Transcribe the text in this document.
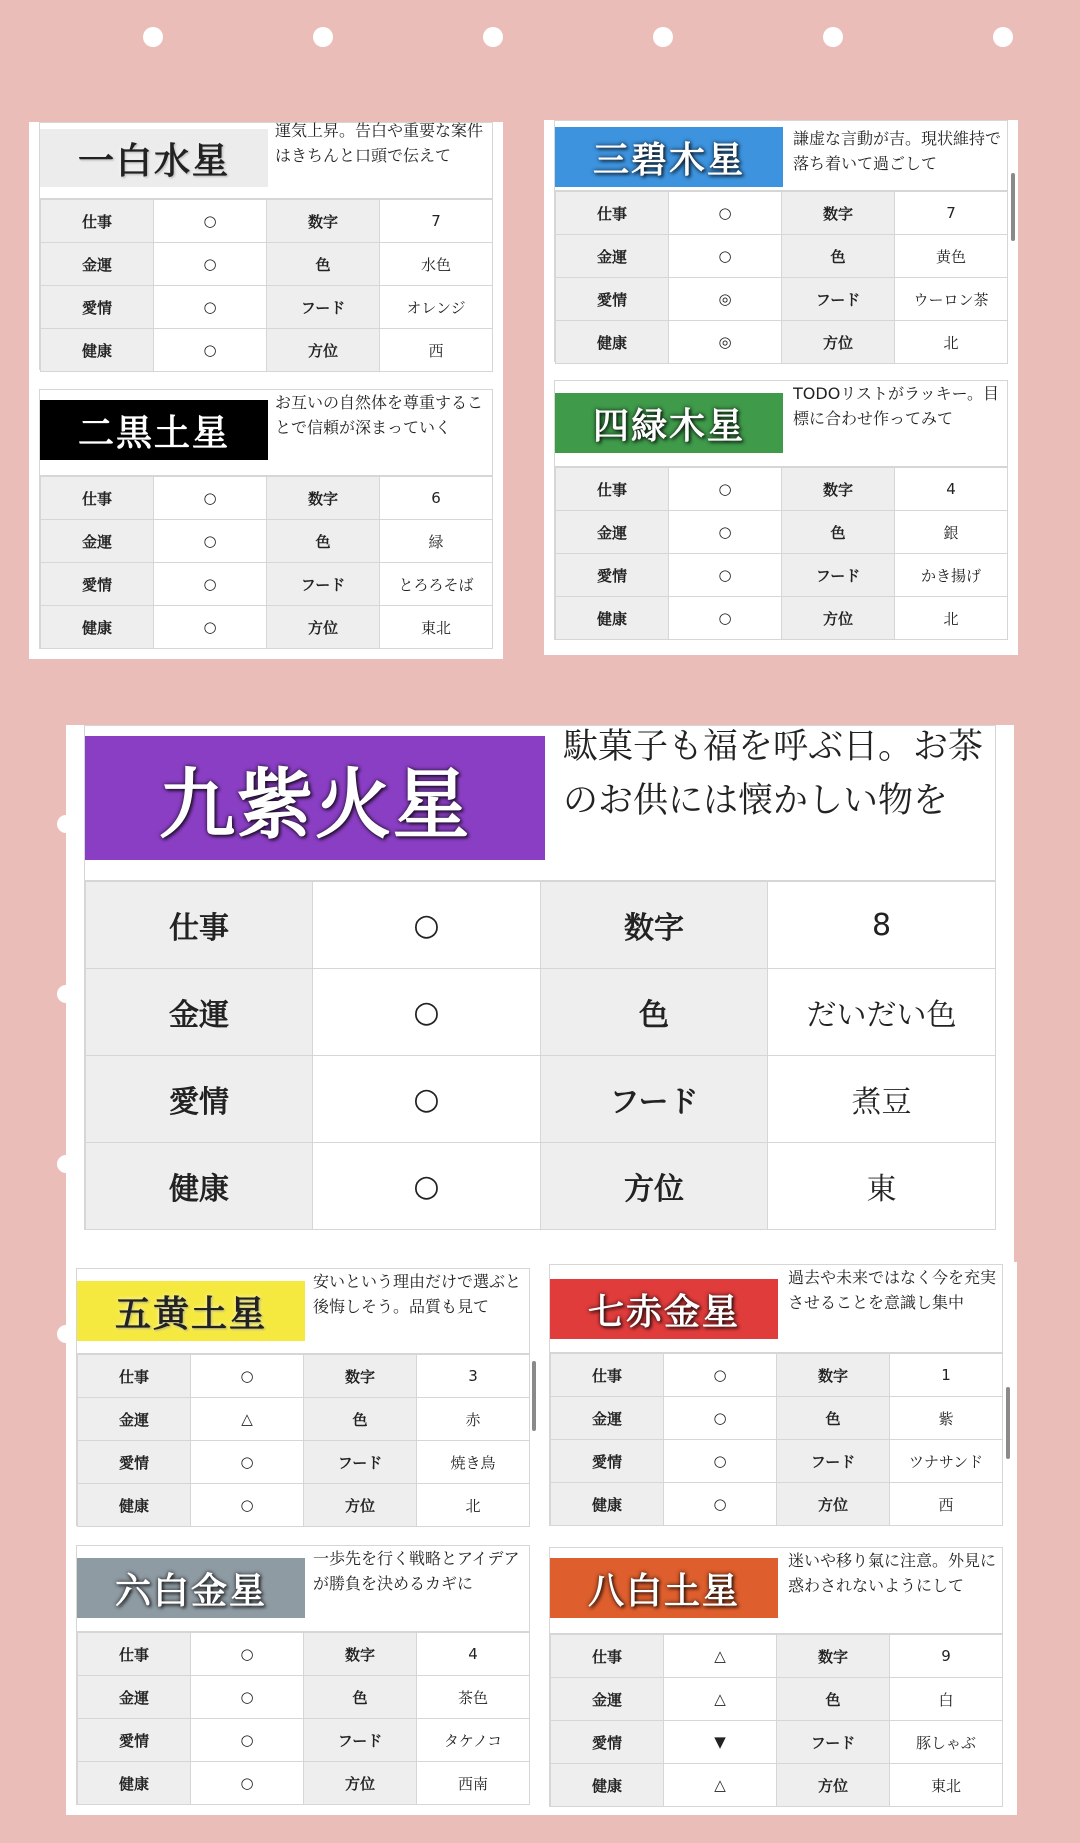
一白水星
運気上昇。告白や重要な案件はきちんと口頭で伝えて
仕事	○	数字	7
金運	○	色	水色
愛情	○	フード	オレンジ
健康	○	方位	西
二黒土星
お互いの自然体を尊重することで信頼が深まっていく
仕事	○	数字	6
金運	○	色	緑
愛情	○	フード	とろろそば
健康	○	方位	東北
三碧木星	謙虚な言動が吉。現状維持で落ち着いて過ごして
仕事	○	数字	7
金運	○	色	黄色
愛情	◎	フード	ウーロン茶
健康	◎	方位	北
四緑木星
TODOリストがラッキー。目標に合わせ作ってみて
仕事	○	数字	4
金運	○	色	銀
愛情	○	フード	かき揚げ
健康	○	方位	北
九紫火星
駄菓子も福を呼ぶ日。お茶のお供には懐かしい物を
仕事	○	数字	8
金運	○	色	だいだい色
愛情	○	フード	煮豆
健康	○	方位	東
五黄土星
安いという理由だけで選ぶと後悔しそう。品質も見て
仕事	○	数字	3
金運	△	色	赤
愛情	○	フード	焼き鳥
健康	○	方位	北
六白金星
一歩先を行く戦略とアイデアが勝負を決めるカギに
仕事	○	数字	4
金運	○	色	茶色
愛情	○	フード	タケノコ
健康	○	方位	西南
七赤金星
過去や未来ではなく今を充実させることを意識し集中
仕事	○	数字	1
金運	○	色	紫
愛情	○	フード	ツナサンド
健康	○	方位	西
八白土星
迷いや移り氣に注意。外見に惑わされないようにして
仕事	△	数字	9
金運	△	色	白
愛情	▼	フード	豚しゃぶ
健康	△	方位	東北
